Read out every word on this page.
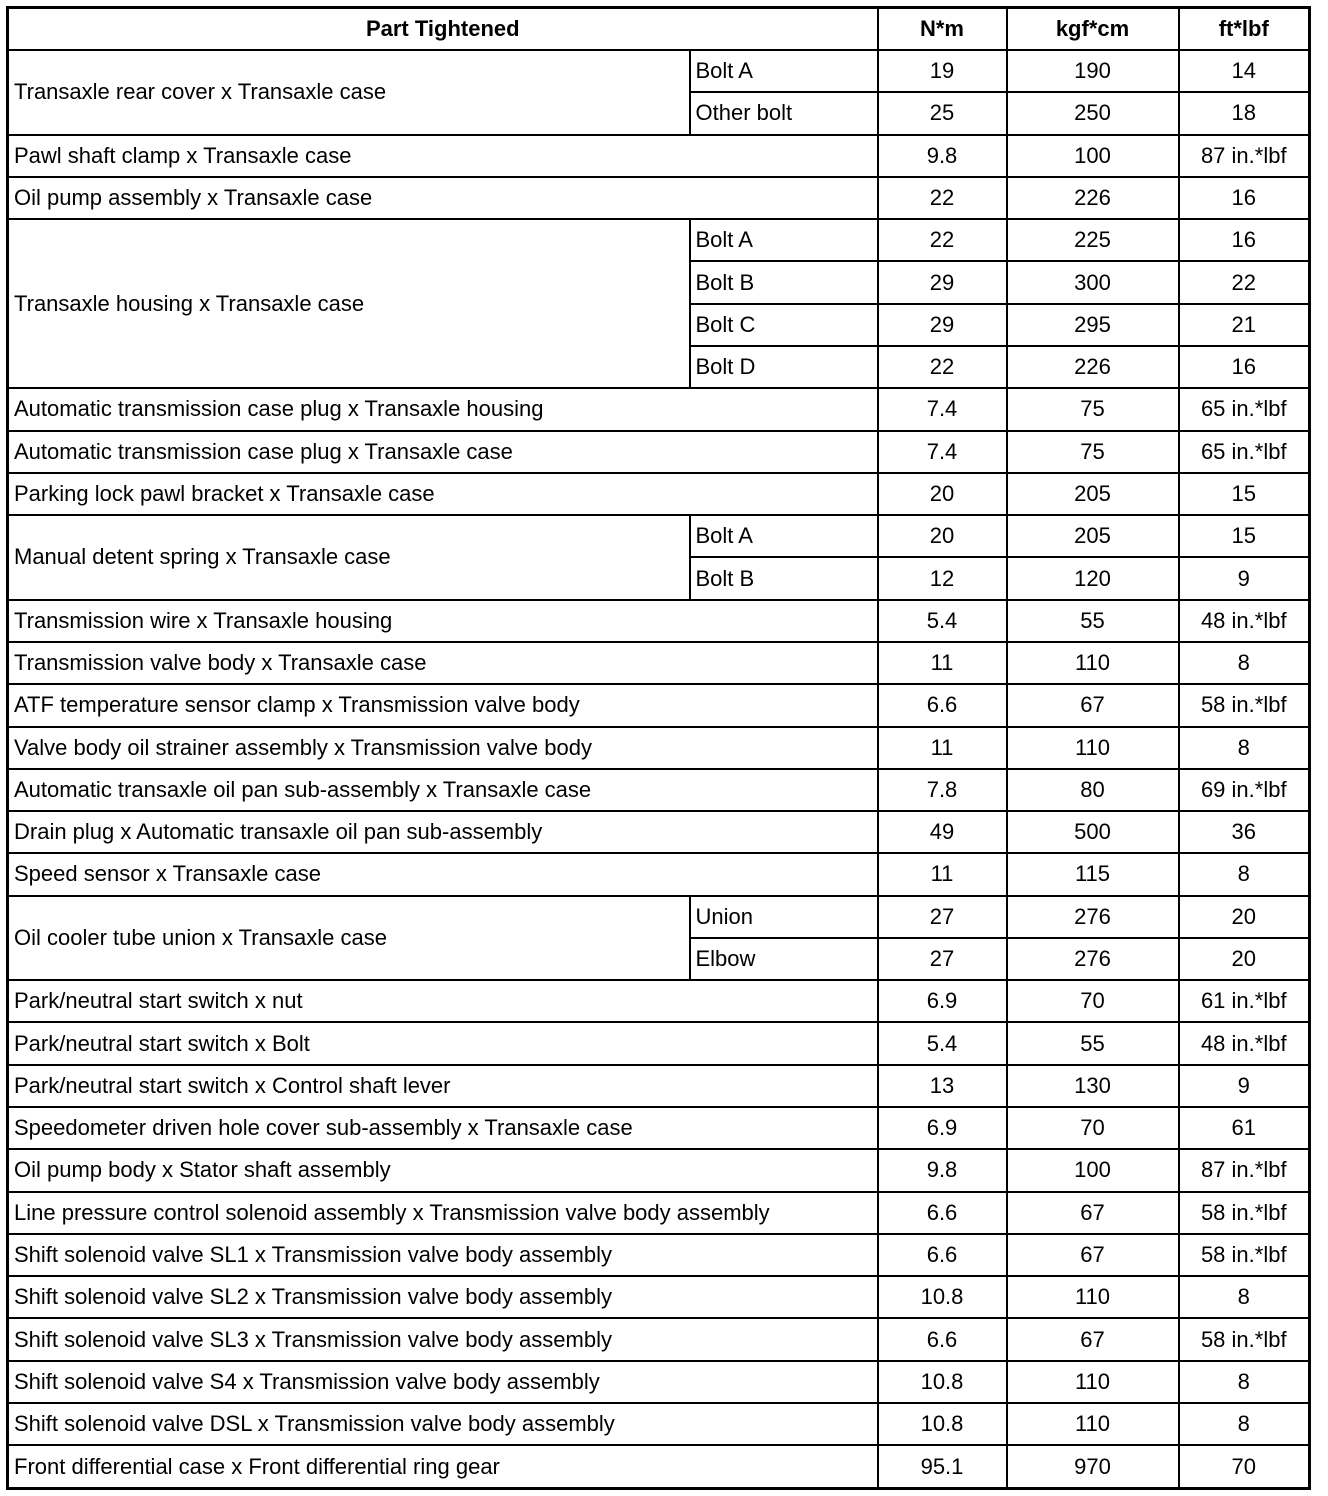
Part Tightened		N*m	kgf*cm	ft*lbf
Transaxle rear cover x Transaxle case	Bolt A	19	190	14
	Other bolt	25	250	18
Pawl shaft clamp x Transaxle case		9.8	100	87 in.*lbf
Oil pump assembly x Transaxle case		22	226	16
Transaxle housing x Transaxle case	Bolt A	22	225	16
	Bolt B	29	300	22
	Bolt C	29	295	21
	Bolt D	22	226	16
Automatic transmission case plug x Transaxle housing		7.4	75	65 in.*lbf
Automatic transmission case plug x Transaxle case		7.4	75	65 in.*lbf
Parking lock pawl bracket x Transaxle case		20	205	15
Manual detent spring x Transaxle case	Bolt A	20	205	15
	Bolt B	12	120	9
Transmission wire x Transaxle housing		5.4	55	48 in.*lbf
Transmission valve body x Transaxle case		11	110	8
ATF temperature sensor clamp x Transmission valve body		6.6	67	58 in.*lbf
Valve body oil strainer assembly x Transmission valve body		11	110	8
Automatic transaxle oil pan sub-assembly x Transaxle case		7.8	80	69 in.*lbf
Drain plug x Automatic transaxle oil pan sub-assembly		49	500	36
Speed sensor x Transaxle case		11	115	8
Oil cooler tube union x Transaxle case	Union	27	276	20
	Elbow	27	276	20
Park/neutral start switch x nut		6.9	70	61 in.*lbf
Park/neutral start switch x Bolt		5.4	55	48 in.*lbf
Park/neutral start switch x Control shaft lever		13	130	9
Speedometer driven hole cover sub-assembly x Transaxle case		6.9	70	61
Oil pump body x Stator shaft assembly		9.8	100	87 in.*lbf
Line pressure control solenoid assembly x Transmission valve body assembly		6.6	67	58 in.*lbf
Shift solenoid valve SL1 x Transmission valve body assembly		6.6	67	58 in.*lbf
Shift solenoid valve SL2 x Transmission valve body assembly		10.8	110	8
Shift solenoid valve SL3 x Transmission valve body assembly		6.6	67	58 in.*lbf
Shift solenoid valve S4 x Transmission valve body assembly		10.8	110	8
Shift solenoid valve DSL x Transmission valve body assembly		10.8	110	8
Front differential case x Front differential ring gear		95.1	970	70
